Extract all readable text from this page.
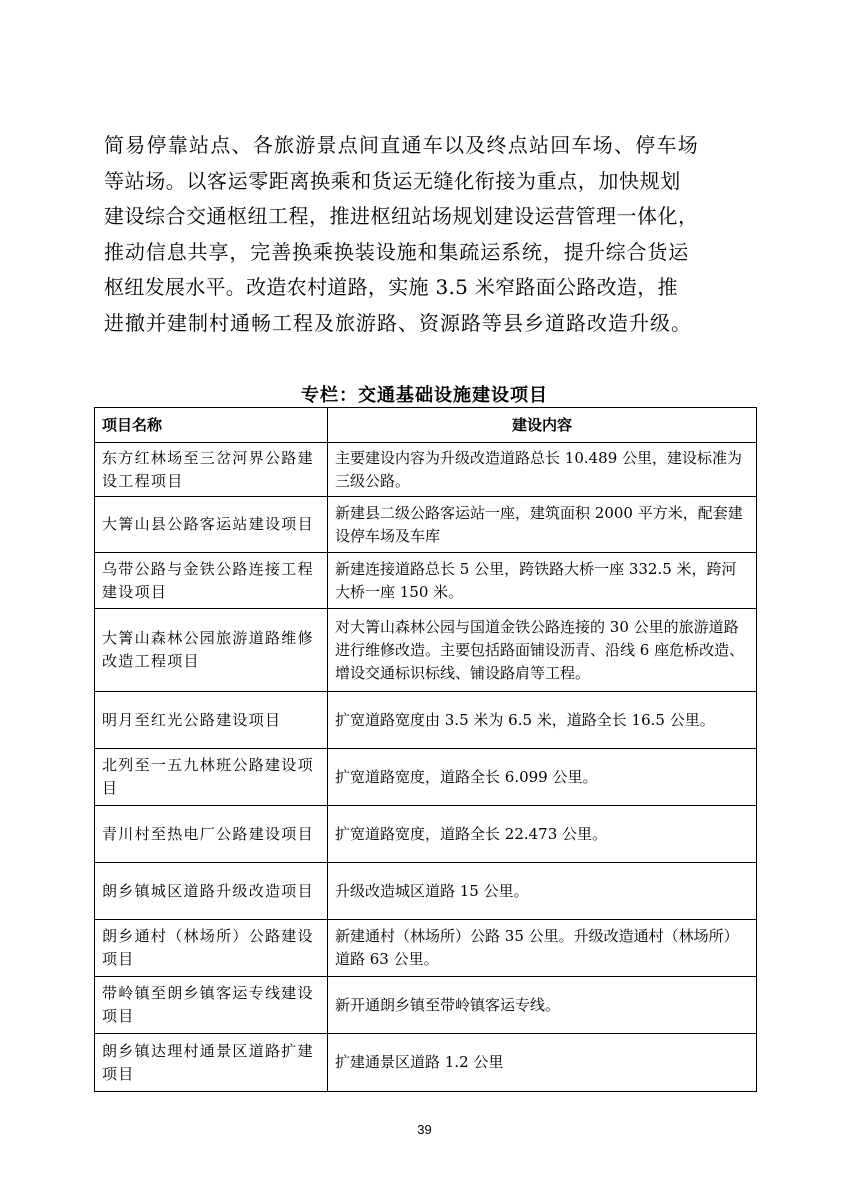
简易停靠站点、各旅游景点间直通车以及终点站回车场、停车场
等站场。以客运零距离换乘和货运无缝化衔接为重点，加快规划
建设综合交通枢纽工程，推进枢纽站场规划建设运营管理一体化，
推动信息共享，完善换乘换装设施和集疏运系统，提升综合货运
枢纽发展水平。改造农村道路，实施 3.5 米窄路面公路改造，推
进撤并建制村通畅工程及旅游路、资源路等县乡道路改造升级。

专栏：交通基础设施建设项目
项目名称	建设内容
东方红林场至三岔河界公路建设工程项目	主要建设内容为升级改造道路总长 10.489 公里，建设标准为三级公路。
大箐山县公路客运站建设项目	新建县二级公路客运站一座，建筑面积 2000 平方米，配套建设停车场及车库
乌带公路与金铁公路连接工程建设项目	新建连接道路总长 5 公里，跨铁路大桥一座 332.5 米，跨河大桥一座 150 米。
大箐山森林公园旅游道路维修改造工程项目	对大箐山森林公园与国道金铁公路连接的 30 公里的旅游道路进行维修改造。主要包括路面铺设沥青、沿线 6 座危桥改造、增设交通标识标线、铺设路肩等工程。
明月至红光公路建设项目	扩宽道路宽度由 3.5 米为 6.5 米，道路全长 16.5 公里。
北列至一五九林班公路建设项目	扩宽道路宽度，道路全长 6.099 公里。
青川村至热电厂公路建设项目	扩宽道路宽度，道路全长 22.473 公里。
朗乡镇城区道路升级改造项目	升级改造城区道路 15 公里。
朗乡通村（林场所）公路建设项目	新建通村（林场所）公路 35 公里。升级改造通村（林场所）道路 63 公里。
带岭镇至朗乡镇客运专线建设项目	新开通朗乡镇至带岭镇客运专线。
朗乡镇达理村通景区道路扩建项目	扩建通景区道路 1.2 公里
39
